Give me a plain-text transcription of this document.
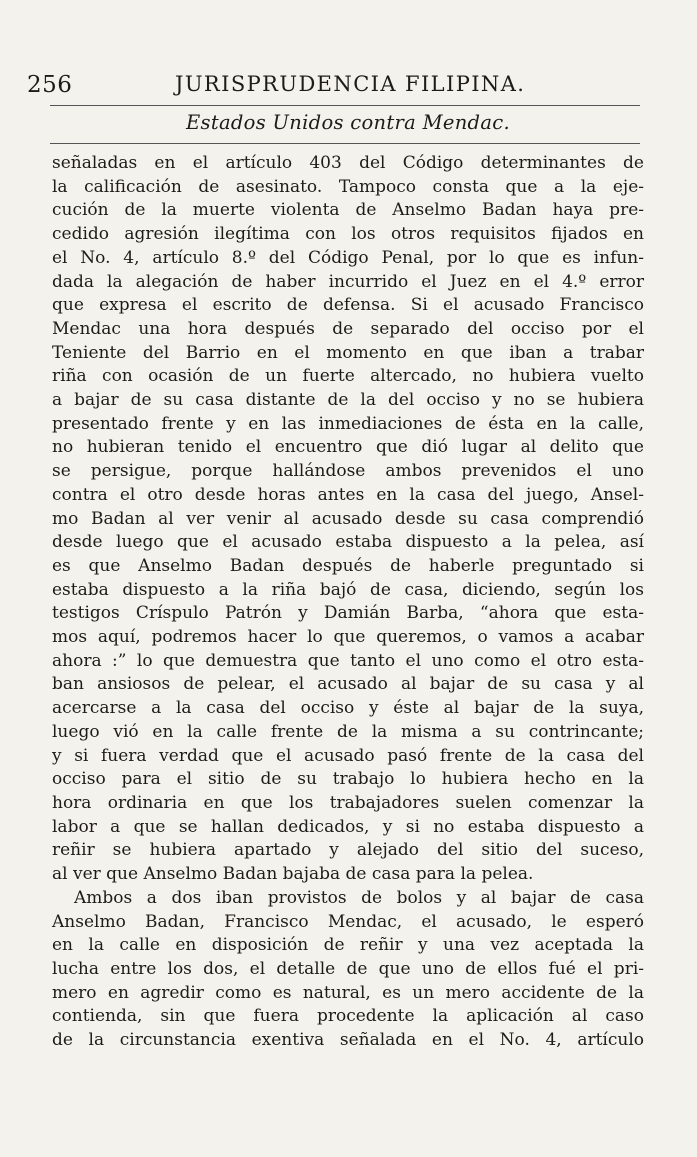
256	JURISPRUDENCIA FILIPINA.
Estados Unidos contra Mendac.
señaladas en el artículo 403 del Código determinantes de
la calificación de asesinato. Tampoco consta que a la eje-
cución de la muerte violenta de Anselmo Badan haya pre-
cedido agresión ilegítima con los otros requisitos fijados en
el No. 4, artículo 8.º del Código Penal, por lo que es infun-
dada la alegación de haber incurrido el Juez en el 4.º error
que expresa el escrito de defensa. Si el acusado Francisco
Mendac una hora después de separado del occiso por el
Teniente del Barrio en el momento en que iban a trabar
riña con ocasión de un fuerte altercado, no hubiera vuelto
a bajar de su casa distante de la del occiso y no se hubiera
presentado frente y en las inmediaciones de ésta en la calle,
no hubieran tenido el encuentro que dió lugar al delito que
se persigue, porque hallándose ambos prevenidos el uno
contra el otro desde horas antes en la casa del juego, Ansel-
mo Badan al ver venir al acusado desde su casa comprendió
desde luego que el acusado estaba dispuesto a la pelea, así
es que Anselmo Badan después de haberle preguntado si
estaba dispuesto a la riña bajó de casa, diciendo, según los
testigos Críspulo Patrón y Damián Barba, “ahora que esta-
mos aquí, podremos hacer lo que queremos, o vamos a acabar
ahora :” lo que demuestra que tanto el uno como el otro esta-
ban ansiosos de pelear, el acusado al bajar de su casa y al
acercarse a la casa del occiso y éste al bajar de la suya,
luego vió en la calle frente de la misma a su contrincante;
y si fuera verdad que el acusado pasó frente de la casa del
occiso para el sitio de su trabajo lo hubiera hecho en la
hora ordinaria en que los trabajadores suelen comenzar la
labor a que se hallan dedicados, y si no estaba dispuesto a
reñir se hubiera apartado y alejado del sitio del suceso,
al ver que Anselmo Badan bajaba de casa para la pelea.
Ambos a dos iban provistos de bolos y al bajar de casa
Anselmo Badan, Francisco Mendac, el acusado, le esperó
en la calle en disposición de reñir y una vez aceptada la
lucha entre los dos, el detalle de que uno de ellos fué el pri-
mero en agredir como es natural, es un mero accidente de la
contienda, sin que fuera procedente la aplicación al caso
de la circunstancia exentiva señalada en el No. 4, artículo
